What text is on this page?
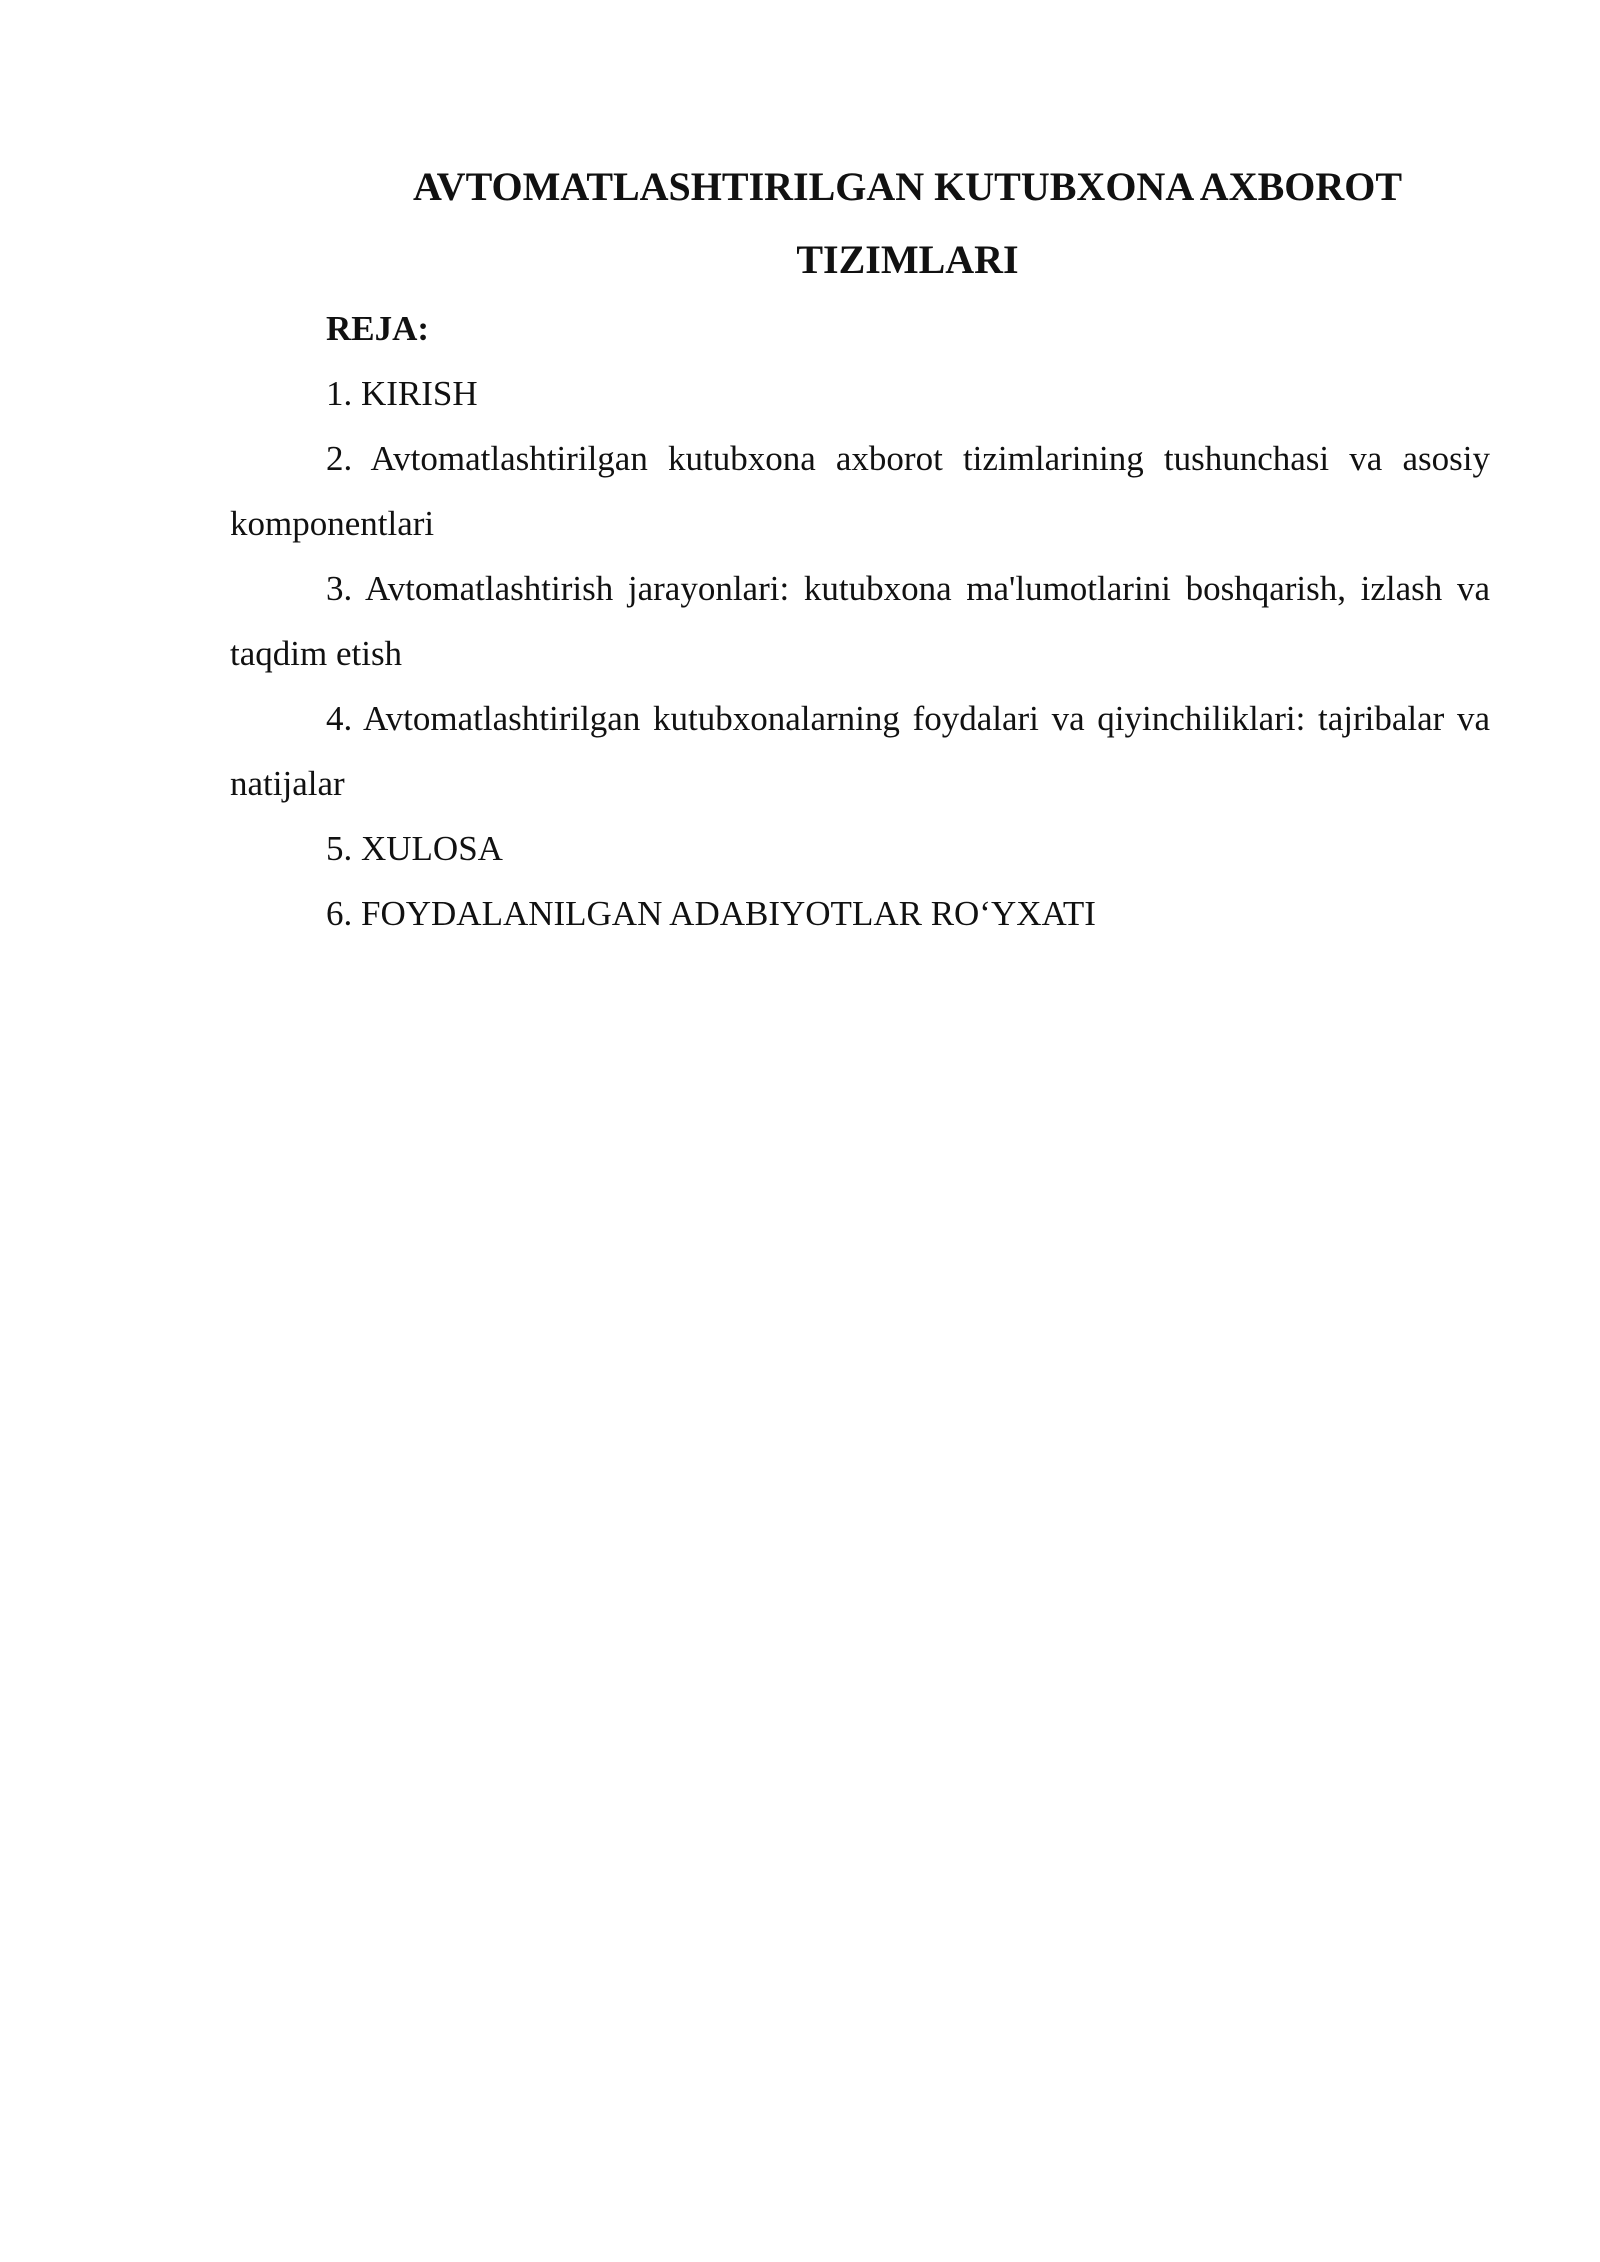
AVTOMATLASHTIRILGAN KUTUBXONA AXBOROT TIZIMLARI

REJA:

1. KIRISH

2. Avtomatlashtirilgan kutubxona axborot tizimlarining tushunchasi va asosiy komponentlari

3. Avtomatlashtirish jarayonlari: kutubxona ma'lumotlarini boshqarish, izlash va taqdim etish

4. Avtomatlashtirilgan kutubxonalarning foydalari va qiyinchiliklari: tajribalar va natijalar

5. XULOSA

6. FOYDALANILGAN ADABIYOTLAR RO‘YXATI
